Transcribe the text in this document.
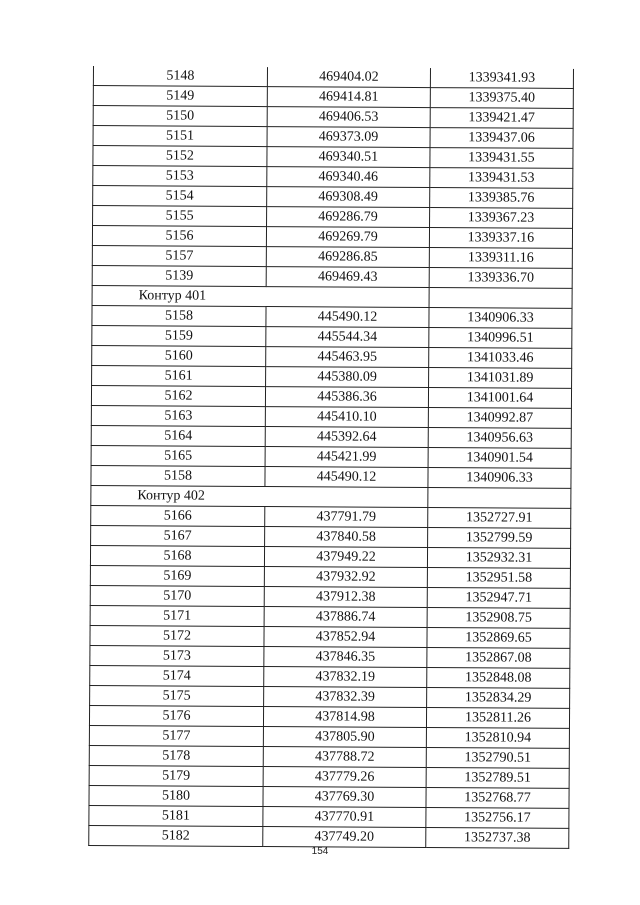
5148	469404.02	1339341.93
5149	469414.81	1339375.40
5150	469406.53	1339421.47
5151	469373.09	1339437.06
5152	469340.51	1339431.55
5153	469340.46	1339431.53
5154	469308.49	1339385.76
5155	469286.79	1339367.23
5156	469269.79	1339337.16
5157	469286.85	1339311.16
5139	469469.43	1339336.70
Контур 401		
5158	445490.12	1340906.33
5159	445544.34	1340996.51
5160	445463.95	1341033.46
5161	445380.09	1341031.89
5162	445386.36	1341001.64
5163	445410.10	1340992.87
5164	445392.64	1340956.63
5165	445421.99	1340901.54
5158	445490.12	1340906.33
Контур 402		
5166	437791.79	1352727.91
5167	437840.58	1352799.59
5168	437949.22	1352932.31
5169	437932.92	1352951.58
5170	437912.38	1352947.71
5171	437886.74	1352908.75
5172	437852.94	1352869.65
5173	437846.35	1352867.08
5174	437832.19	1352848.08
5175	437832.39	1352834.29
5176	437814.98	1352811.26
5177	437805.90	1352810.94
5178	437788.72	1352790.51
5179	437779.26	1352789.51
5180	437769.30	1352768.77
5181	437770.91	1352756.17
5182	437749.20	1352737.38
154
